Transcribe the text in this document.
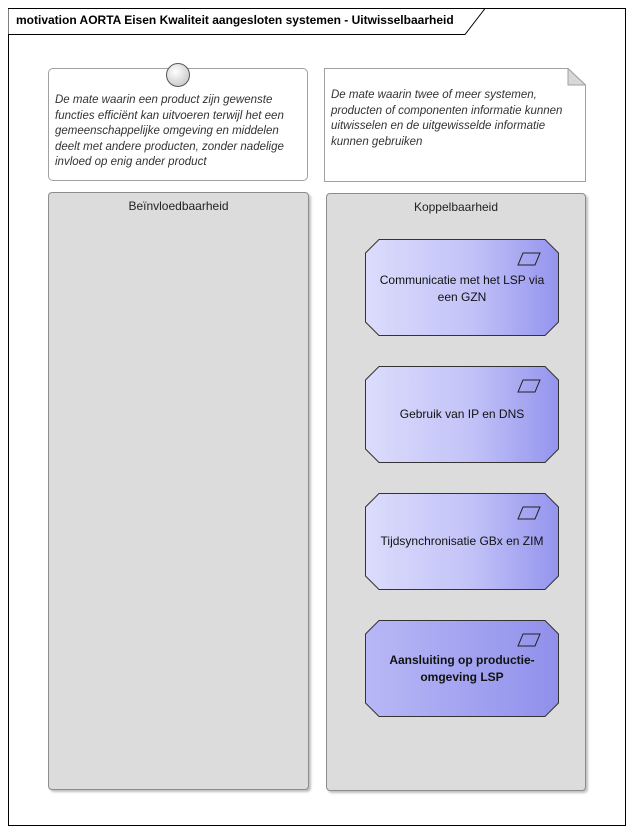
motivation AORTA Eisen Kwaliteit aangesloten systemen - Uitwisselbaarheid
De mate waarin een product zijn gewenste functies efficiënt kan uitvoeren terwijl het een gemeenschappelijke omgeving en middelen deelt met andere producten, zonder nadelige invloed op enig ander product
De mate waarin twee of meer systemen, producten of componenten informatie kunnen uitwisselen en de uitgewisselde informatie kunnen gebruiken
Beïnvloedbaarheid	Koppelbaarheid
Communicatie met het LSP via een GZN
Gebruik van IP en DNS
Tijdsynchronisatie GBx en ZIM
Aansluiting op productie-omgeving LSP
